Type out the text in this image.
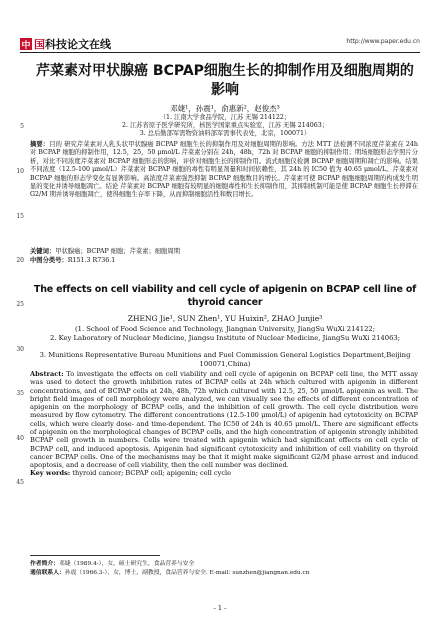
中 国科技论文在线	http://www.paper.edu.cn
5
10
15
20
25
30
35
40
45
芹菜素对甲状腺癌 BCPAP细胞生长的抑制作用及细胞周期的影响
邓婕¹，孙震¹，俞惠新²，赵俊杰³
（1. 江南大学食品学院，江苏 无锡 214122；
2. 江苏省原子医学研究所，核医学国家重点实验室，江苏 无锡 214063；
3. 总后勤部军需物资油料部军需事代表处，北京，100071）
摘要：目的 研究芹菜素对人乳头状甲状腺癌 BCPAP 细胞生长的抑制作用及对细胞周期的影响。方法 MTT 法检测不同浓度芹菜素在 24h 对 BCPAP 细胞的抑制作用，12.5，25，50 μmol/L 芹菜素分别在 24h，48h，72h 对 BCPAP 细胞的抑制作用；明场细胞形态学照片分析，对比不同浓度芹菜素对 BCPAP 细胞形态的影响，评价对细胞生长的抑制作用。流式细胞仪检测 BCPAP 细胞周期和凋亡的影响。结果 不同浓度（12.5-100 μmol/L）芹菜素对 BCPAP 细胞的毒性有明显剂量和时间依赖性，其 24h 的 IC50 值为 40.65 μmol/L。芹菜素对 BCPAP 细胞的形态学变化有显著影响。高浓度芹菜素强烈抑制 BCPAP 细胞数目的增长。芹菜素可使 BCPAP 细胞细胞周期的构成发生明显的变化并诱导细胞凋亡。结论 芹菜素对 BCPAP 细胞有较明显的细胞毒性和生长抑制作用，其抑制机制可能是使 BCPAP 细胞生长停滞在 G2/M 期并诱导细胞凋亡，使得细胞生存率下降，从而抑制细胞活性和数目增长。
关键词：甲状腺癌；BCPAP 细胞；芹菜素；细胞周期
中图分类号：R151.3 R736.1
The effects on cell viability and cell cycle of apigenin on BCPAP cell line of thyroid cancer
ZHENG Jie¹, SUN Zhen¹, YU Huixin², ZHAO Junjie³
(1. School of Food Science and Technology, Jiangnan University, JiangSu WuXi 214122;
2. Key Laboratory of Nuclear Medicine, Jiangsu Institute of Nuclear Medicine, JiangSu WuXi 214063;
3. Munitions Representative Bureau Munitions and Fuel Commission General Logistics Department,Beijing 100071,China)
Abstract: To investigate the effects on cell viability and cell cycle of apigenin on BCPAP cell line, the MTT assay was used to detect the growth inhibition rates of BCPAP cells at 24h which cultured with apigenin in different concentrations, and of BCPAP cells at 24h, 48h, 72h which cultured with 12.5, 25, 50 μmol/L apigenin as well. The bright field images of cell morphology were analyzed, we can visually see the effects of different concentration of apigenin on the morphology of BCPAP cells, and the inhibition of cell growth. The cell cycle distribution were measured by flow cytometry. The different concentrations (12.5-100 μmol/L) of apigenin had cytotoxicity on BCPAP cells, which were clearly dose- and time-dependent. The IC50 of 24h is 40.65 μmol/L. There are significant effects of apigenin on the morphological changes of BCPAP cells, and the high concentration of apigenin strongly inhibited BCPAP cell growth in numbers. Cells were treated with apigenin which had significant effects on cell cycle of BCPAP cell, and induced apoptosis. Apigenin had significant cytotoxicity and inhibition of cell viability on thyroid cancer BCPAP cells. One of the mechanisms may be that it might make significant G2/M phase arrest and induced apoptosis, and a decrease of cell viability, then the cell number was declined.
Key words: thyroid cancer; BCPAP cell; apigenin; cell cycle
作者简介：邓婕（1989.4-），女，硕士研究生，食品营养与安全
通信联系人：孙震（1966.3-），女，博士，副教授，食品营养与安全. E-mail: sunzhen@jiangnan.edu.cn
- 1 -
